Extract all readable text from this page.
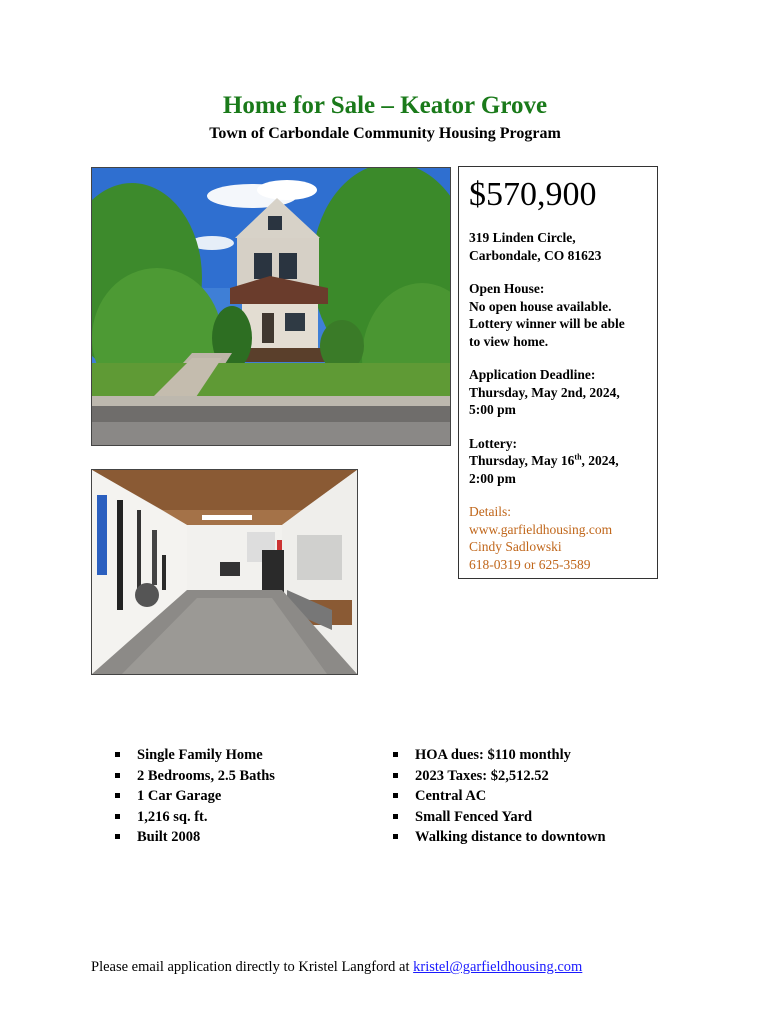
Home for Sale – Keator Grove
Town of Carbondale Community Housing Program
$570,900
319 Linden Circle,
Carbondale, CO 81623
Open House:
No open house available.
Lottery winner will be able
to view home.
Application Deadline:
Thursday, May 2nd, 2024,
5:00 pm
Lottery:
Thursday, May 16th, 2024,
2:00 pm
Details:
www.garfieldhousing.com
Cindy Sadlowski
618-0319 or 625-3589
Single Family Home
2 Bedrooms, 2.5 Baths
1 Car Garage
1,216 sq. ft.
Built 2008
HOA dues: $110 monthly
2023 Taxes: $2,512.52
Central AC
Small Fenced Yard
Walking distance to downtown
Please email application directly to Kristel Langford at kristel@garfieldhousing.com
